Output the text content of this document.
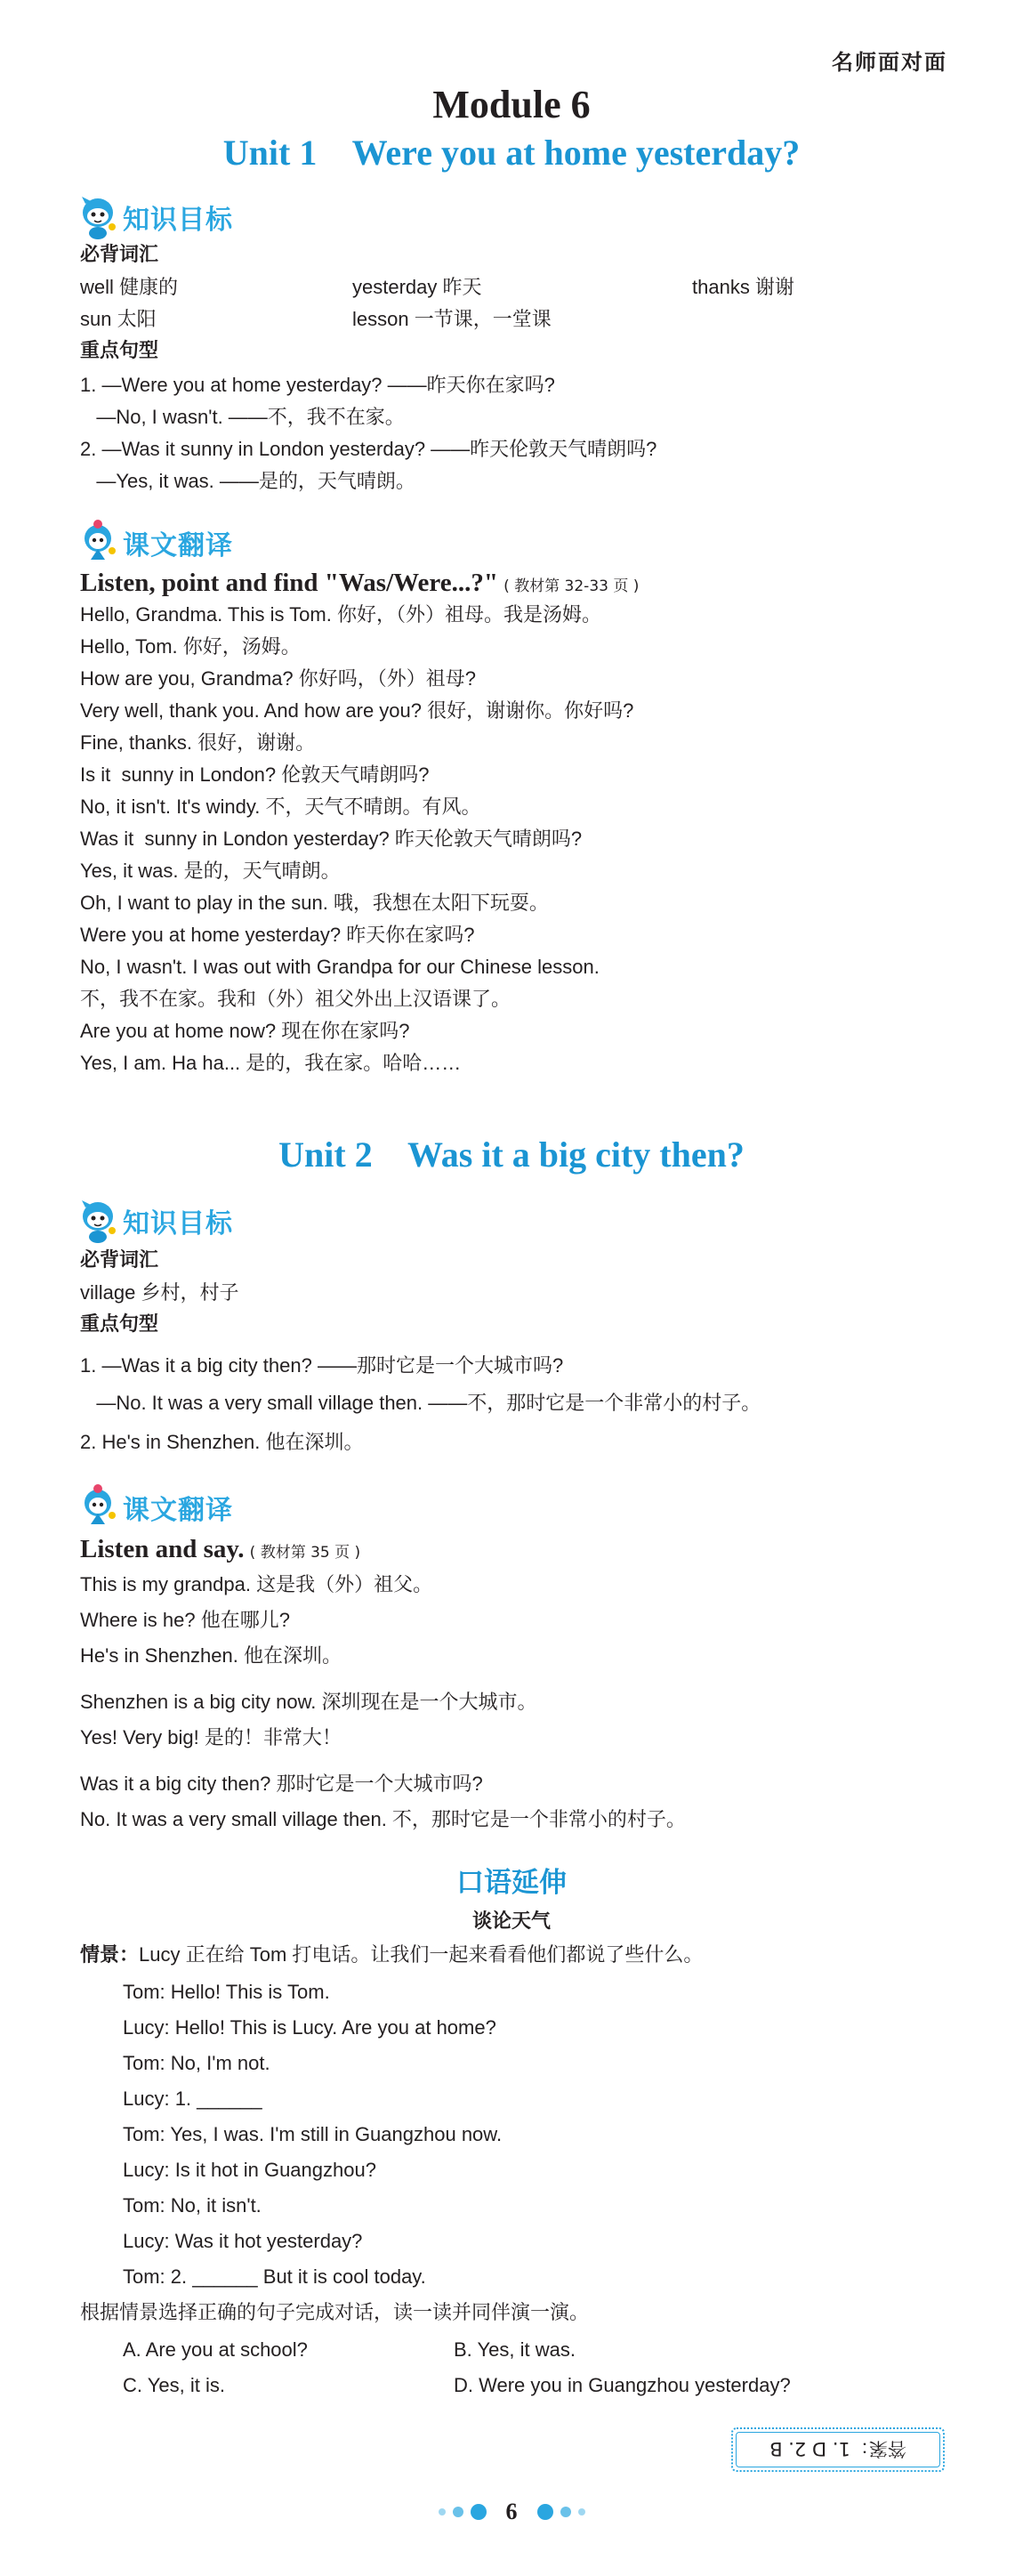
名师面对面
Module 6
Unit 1    Were you at home yesterday?
知识目标
必背词汇
well 健康的	yesterday 昨天	thanks 谢谢
sun 太阳	lesson 一节课，一堂课
重点句型
1. —Were you at home yesterday? ——昨天你在家吗?
—No, I wasn't. ——不，我不在家。
2. —Was it sunny in London yesterday? ——昨天伦敦天气晴朗吗?
—Yes, it was. ——是的，天气晴朗。
课文翻译
Listen, point and find "Was/Were...?" ( 教材第 32-33 页 )
Hello, Grandma. This is Tom. 你好，（外）祖母。我是汤姆。
Hello, Tom. 你好，汤姆。
How are you, Grandma? 你好吗，（外）祖母?
Very well, thank you. And how are you? 很好，谢谢你。你好吗?
Fine, thanks. 很好，谢谢。
Is it  sunny in London? 伦敦天气晴朗吗?
No, it isn't. It's windy. 不，天气不晴朗。有风。
Was it  sunny in London yesterday? 昨天伦敦天气晴朗吗?
Yes, it was. 是的，天气晴朗。
Oh, I want to play in the sun. 哦，我想在太阳下玩耍。
Were you at home yesterday? 昨天你在家吗?
No, I wasn't. I was out with Grandpa for our Chinese lesson.
不，我不在家。我和（外）祖父外出上汉语课了。
Are you at home now? 现在你在家吗?
Yes, I am. Ha ha... 是的，我在家。哈哈……
Unit 2    Was it a big city then?
知识目标
必背词汇
village 乡村，村子
重点句型
1. —Was it a big city then? ——那时它是一个大城市吗?
—No. It was a very small village then. ——不，那时它是一个非常小的村子。
2. He's in Shenzhen. 他在深圳。
课文翻译
Listen and say. ( 教材第 35 页 )
This is my grandpa. 这是我（外）祖父。
Where is he? 他在哪儿?
He's in Shenzhen. 他在深圳。
Shenzhen is a big city now. 深圳现在是一个大城市。
Yes! Very big! 是的！非常大！
Was it a big city then? 那时它是一个大城市吗?
No. It was a very small village then. 不，那时它是一个非常小的村子。
口语延伸
谈论天气
情景：Lucy 正在给 Tom 打电话。让我们一起来看看他们都说了些什么。
Tom: Hello! This is Tom.
Lucy: Hello! This is Lucy. Are you at home?
Tom: No, I'm not.
Lucy: 1. ______
Tom: Yes, I was. I'm still in Guangzhou now.
Lucy: Is it hot in Guangzhou?
Tom: No, it isn't.
Lucy: Was it hot yesterday?
Tom: 2. ______ But it is cool today.
根据情景选择正确的句子完成对话，读一读并同伴演一演。
A. Are you at school?	B. Yes, it was.
C. Yes, it is.	D. Were you in Guangzhou yesterday?
答案：1. D 2. B
6
